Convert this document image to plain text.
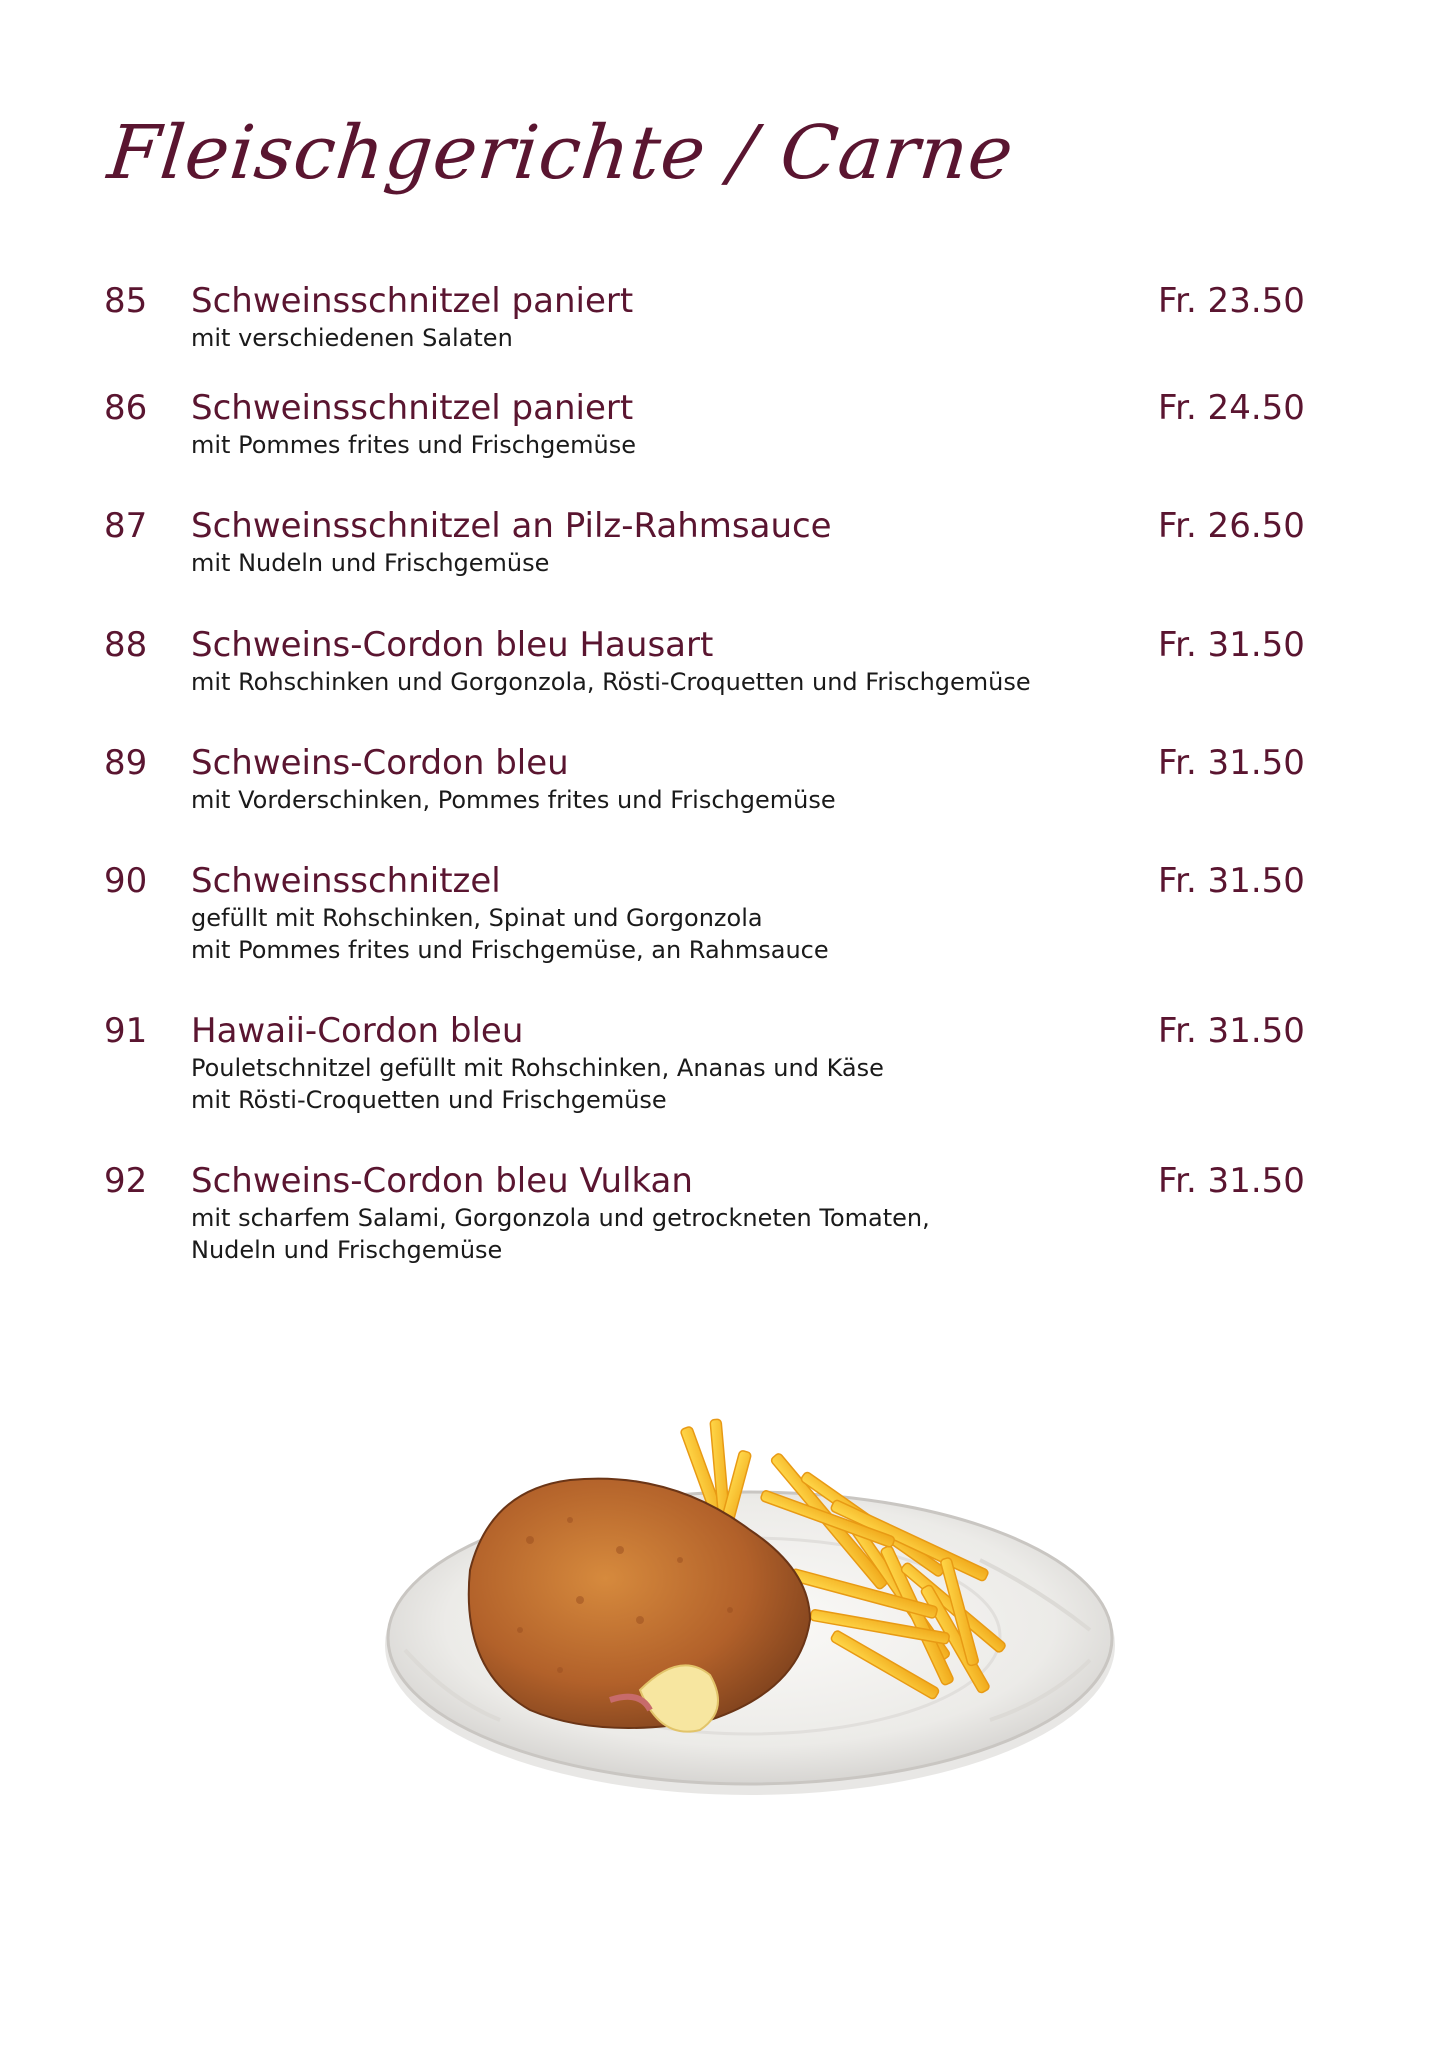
Fleischgerichte / Carne
85 Schweinsschnitzel paniert	Fr. 23.50
mit verschiedenen Salaten
86 Schweinsschnitzel paniert	Fr. 24.50
mit Pommes frites und Frischgemüse
87 Schweinsschnitzel an Pilz-Rahmsauce	Fr. 26.50
mit Nudeln und Frischgemüse
88 Schweins-Cordon bleu Hausart	Fr. 31.50
mit Rohschinken und Gorgonzola, Rösti-Croquetten und Frischgemüse
89 Schweins-Cordon bleu	Fr. 31.50
mit Vorderschinken, Pommes frites und Frischgemüse
90 Schweinsschnitzel	Fr. 31.50
gefüllt mit Rohschinken, Spinat und Gorgonzola
mit Pommes frites und Frischgemüse, an Rahmsauce
91 Hawaii-Cordon bleu	Fr. 31.50
Pouletschnitzel gefüllt mit Rohschinken, Ananas und Käse
mit Rösti-Croquetten und Frischgemüse
92 Schweins-Cordon bleu Vulkan	Fr. 31.50
mit scharfem Salami, Gorgonzola und getrockneten Tomaten,
Nudeln und Frischgemüse
